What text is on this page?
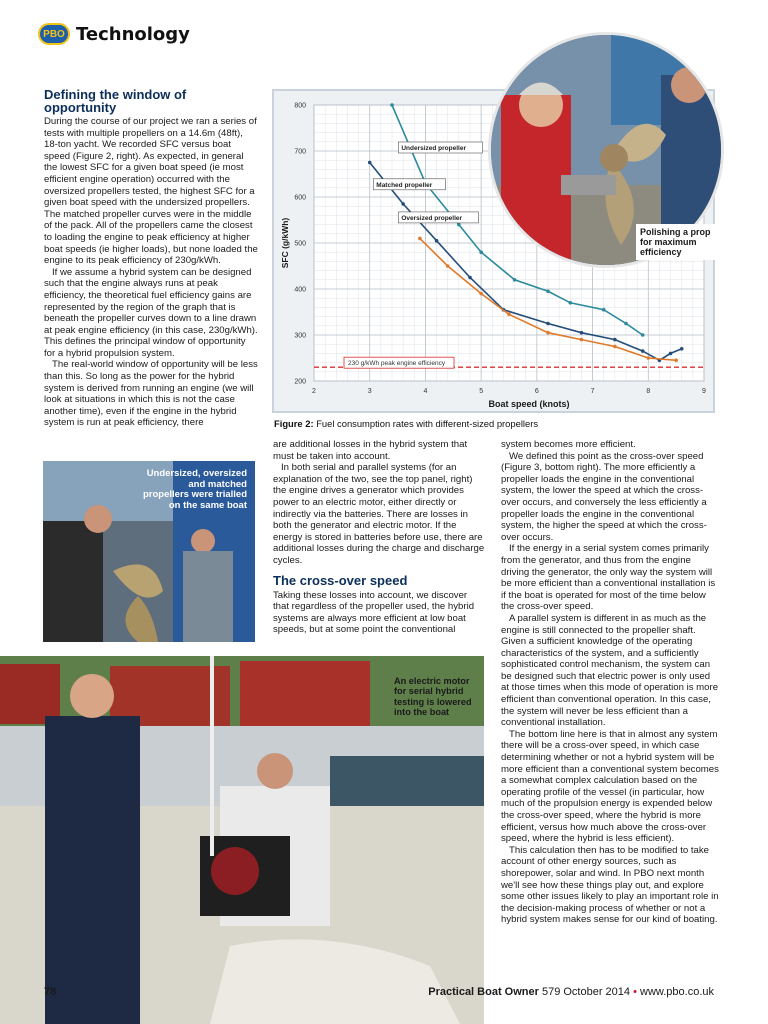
PBO Technology
Defining the window of opportunity

During the course of our project we ran a series of tests with multiple propellers on a 14.6m (48ft), 18-ton yacht. We recorded SFC versus boat speed (Figure 2, right). As expected, in general the lowest SFC for a given boat speed (ie most efficient engine operation) occurred with the oversized propellers tested, the highest SFC for a given boat speed with the undersized propellers. The matched propeller curves were in the middle of the pack. All of the propellers came the closest to loading the engine to peak efficiency at higher boat speeds (ie higher loads), but none loaded the engine to its peak efficiency of 230g/kWh.

If we assume a hybrid system can be designed such that the engine always runs at peak efficiency, the theoretical fuel efficiency gains are represented by the region of the graph that is beneath the propeller curves down to a line drawn at peak engine efficiency (in this case, 230g/kWh). This defines the principal window of opportunity for a hybrid propulsion system.

The real-world window of opportunity will be less than this. So long as the power for the hybrid system is derived from running an engine (we will look at situations in which this is not the case another time), even if the engine in the hybrid system is run at peak efficiency, there

2	3	4	5	6	7	8	9
200
300
400
500
600
700
800
Boat speed (knots)
SFC (g/kWh)
230 g/kWh peak engine efficiency
Undersized propeller
Matched propeller
Oversized propeller
Figure 2: Fuel consumption rates with different-sized propellers
Polishing a prop for maximum efficiency
Undersized, oversized and matched propellers were trialled on the same boat

are additional losses in the hybrid system that must be taken into account.

In both serial and parallel systems (for an explanation of the two, see the top panel, right) the engine drives a generator which provides power to an electric motor, either directly or indirectly via the batteries. There are losses in both the generator and electric motor. If the energy is stored in batteries before use, there are additional losses during the charge and discharge cycles.

The cross-over speed

Taking these losses into account, we discover that regardless of the propeller used, the hybrid systems are always more efficient at low boat speeds, but at some point the conventional

system becomes more efficient.

We defined this point as the cross-over speed (Figure 3, bottom right). The more efficiently a propeller loads the engine in the conventional system, the lower the speed at which the cross-over occurs, and conversely the less efficiently a propeller loads the engine in the conventional system, the higher the speed at which the cross-over occurs.

If the energy in a serial system comes primarily from the generator, and thus from the engine driving the generator, the only way the system will be more efficient than a conventional installation is if the boat is operated for most of the time below the cross-over speed.

A parallel system is different in as much as the engine is still connected to the propeller shaft. Given a sufficient knowledge of the operating characteristics of the system, and a sufficiently sophisticated control mechanism, the system can be designed such that electric power is only used at those times when this mode of operation is more efficient than conventional operation. In this case, the system will never be less efficient than a conventional installation.

The bottom line here is that in almost any system there will be a cross-over speed, in which case determining whether or not a hybrid system will be more efficient than a conventional system becomes a somewhat complex calculation based on the operating profile of the vessel (in particular, how much of the propulsion energy is expended below the cross-over speed, where the hybrid is more efficient, versus how much above the cross-over speed, where the hybrid is less efficient).

This calculation then has to be modified to take account of other energy sources, such as shorepower, solar and wind. In PBO next month we'll see how these things play out, and explore some other issues likely to play an important role in the decision-making process of whether or not a hybrid system makes sense for our kind of boating.

An electric motor for serial hybrid testing is lowered into the boat
78	Practical Boat Owner 579 October 2014 • www.pbo.co.uk
